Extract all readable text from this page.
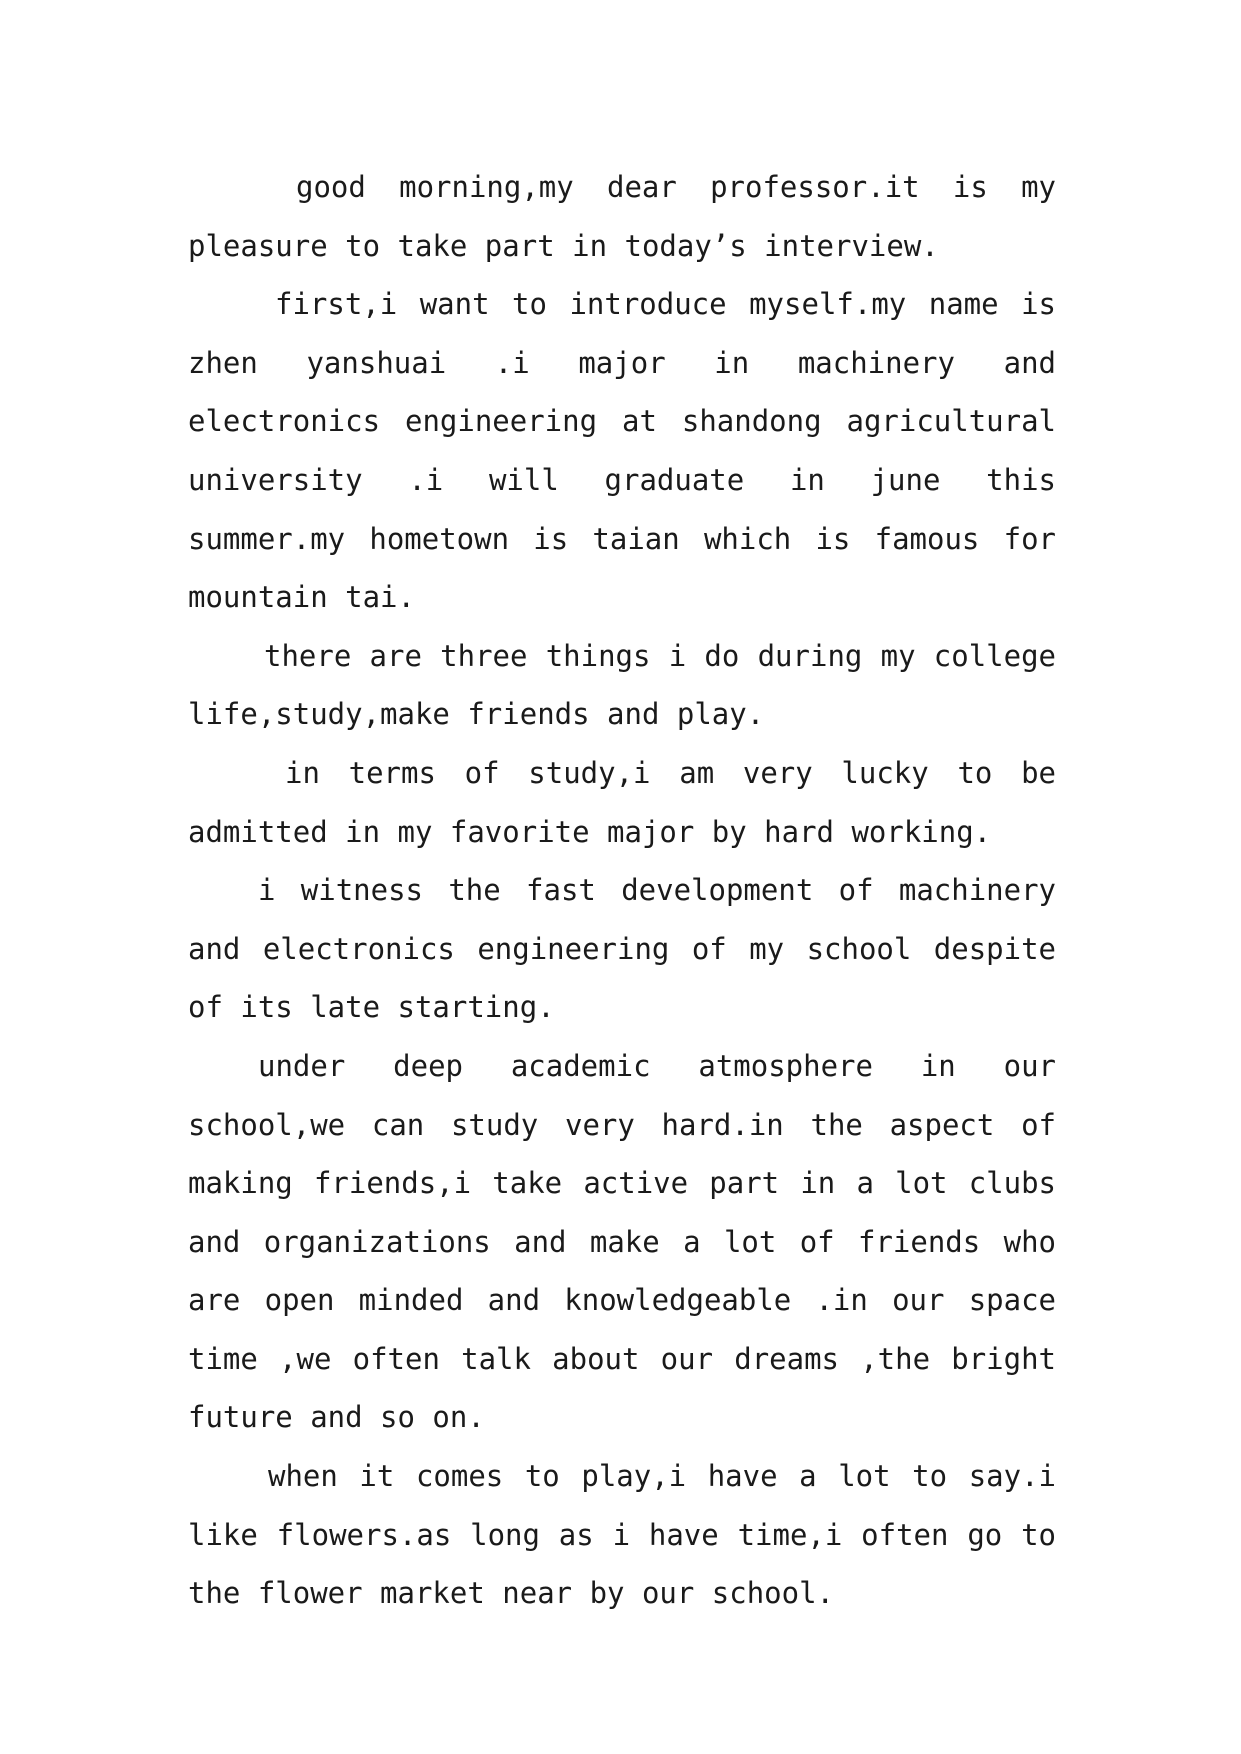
good morning,my dear professor.it is my pleasure to take part in today’s interview.

first,i want to introduce myself.my name is zhen yanshuai .i major in machinery and electronics engineering at shandong agricultural university .i will graduate in june this summer.my hometown is taian which is famous for mountain tai.

there are three things i do during my college life,study,make friends and play.

in terms of study,i am very lucky to be admitted in my favorite major by hard working.

i witness the fast development of machinery and electronics engineering of my school despite of its late starting.

under deep academic atmosphere in our school,we can study very hard.in the aspect of making friends,i take active part in a lot clubs and organizations and make a lot of friends who are open minded and knowledgeable .in our space time ,we often talk about our dreams ,the bright future and so on.

when it comes to play,i have a lot to say.i like flowers.as long as i have time,i often go to the flower market near by our school.
